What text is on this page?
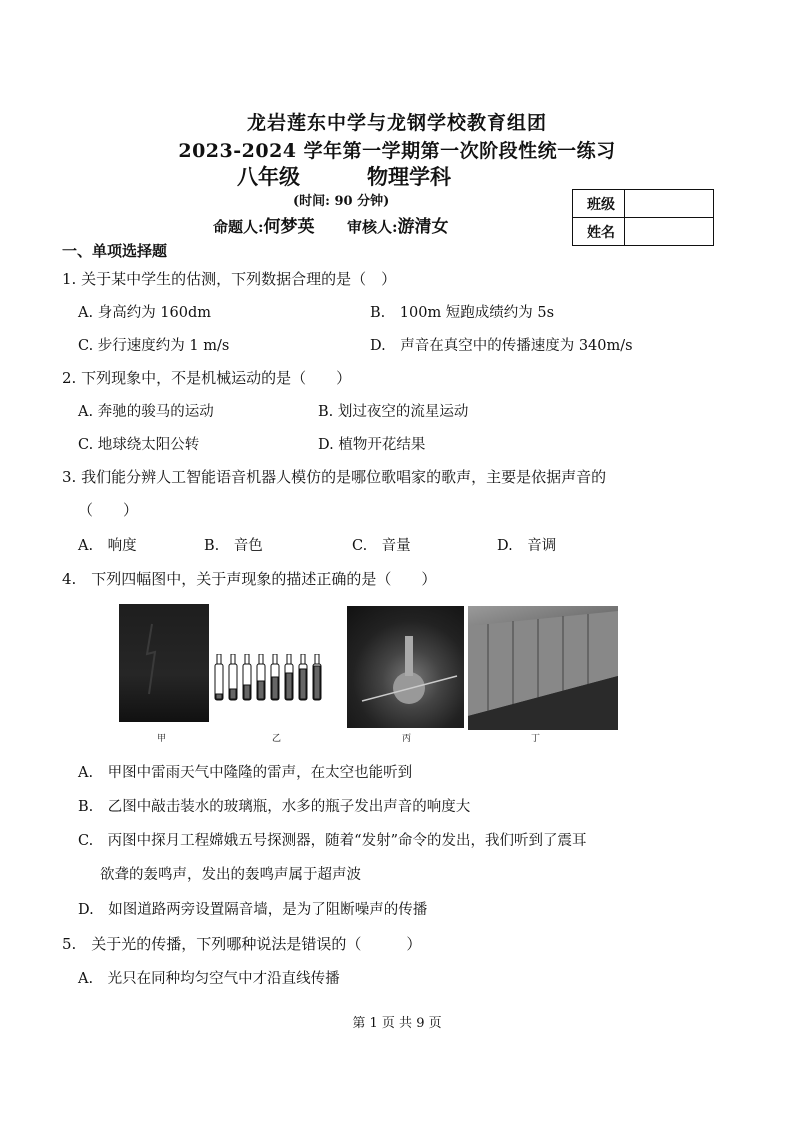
龙岩莲东中学与龙钢学校教育组团
2023-2024 学年第一学期第一次阶段性统一练习
八年级	物理学科
(时间: 90 分钟)
命题人:何梦英 审核人:游清女
班级	
姓名	
一、单项选择题
1. 关于某中学生的估测，下列数据合理的是（　）
A. 身高约为 160dm	B.　100m 短跑成绩约为 5s
C. 步行速度约为 1 m/s	D.　声音在真空中的传播速度为 340m/s
2. 下列现象中，不是机械运动的是（　　）
A. 奔驰的骏马的运动	B. 划过夜空的流星运动
C. 地球绕太阳公转	D. 植物开花结果
3. 我们能分辨人工智能语音机器人模仿的是哪位歌唱家的歌声，主要是依据声音的
（　　）
A.　响度	B.　音色	C.　音量	D.　音调
4.　下列四幅图中，关于声现象的描述正确的是（　　）
甲	乙	丙	丁
A.　甲图中雷雨天气中隆隆的雷声，在太空也能听到
B.　乙图中敲击装水的玻璃瓶，水多的瓶子发出声音的响度大
C.　丙图中探月工程嫦娥五号探测器，随着“发射”命令的发出，我们听到了震耳
欲聋的轰鸣声，发出的轰鸣声属于超声波
D.　如图道路两旁设置隔音墙，是为了阻断噪声的传播
5.　关于光的传播，下列哪种说法是错误的（　　　）
A.　光只在同种均匀空气中才沿直线传播
第 1 页 共 9 页
